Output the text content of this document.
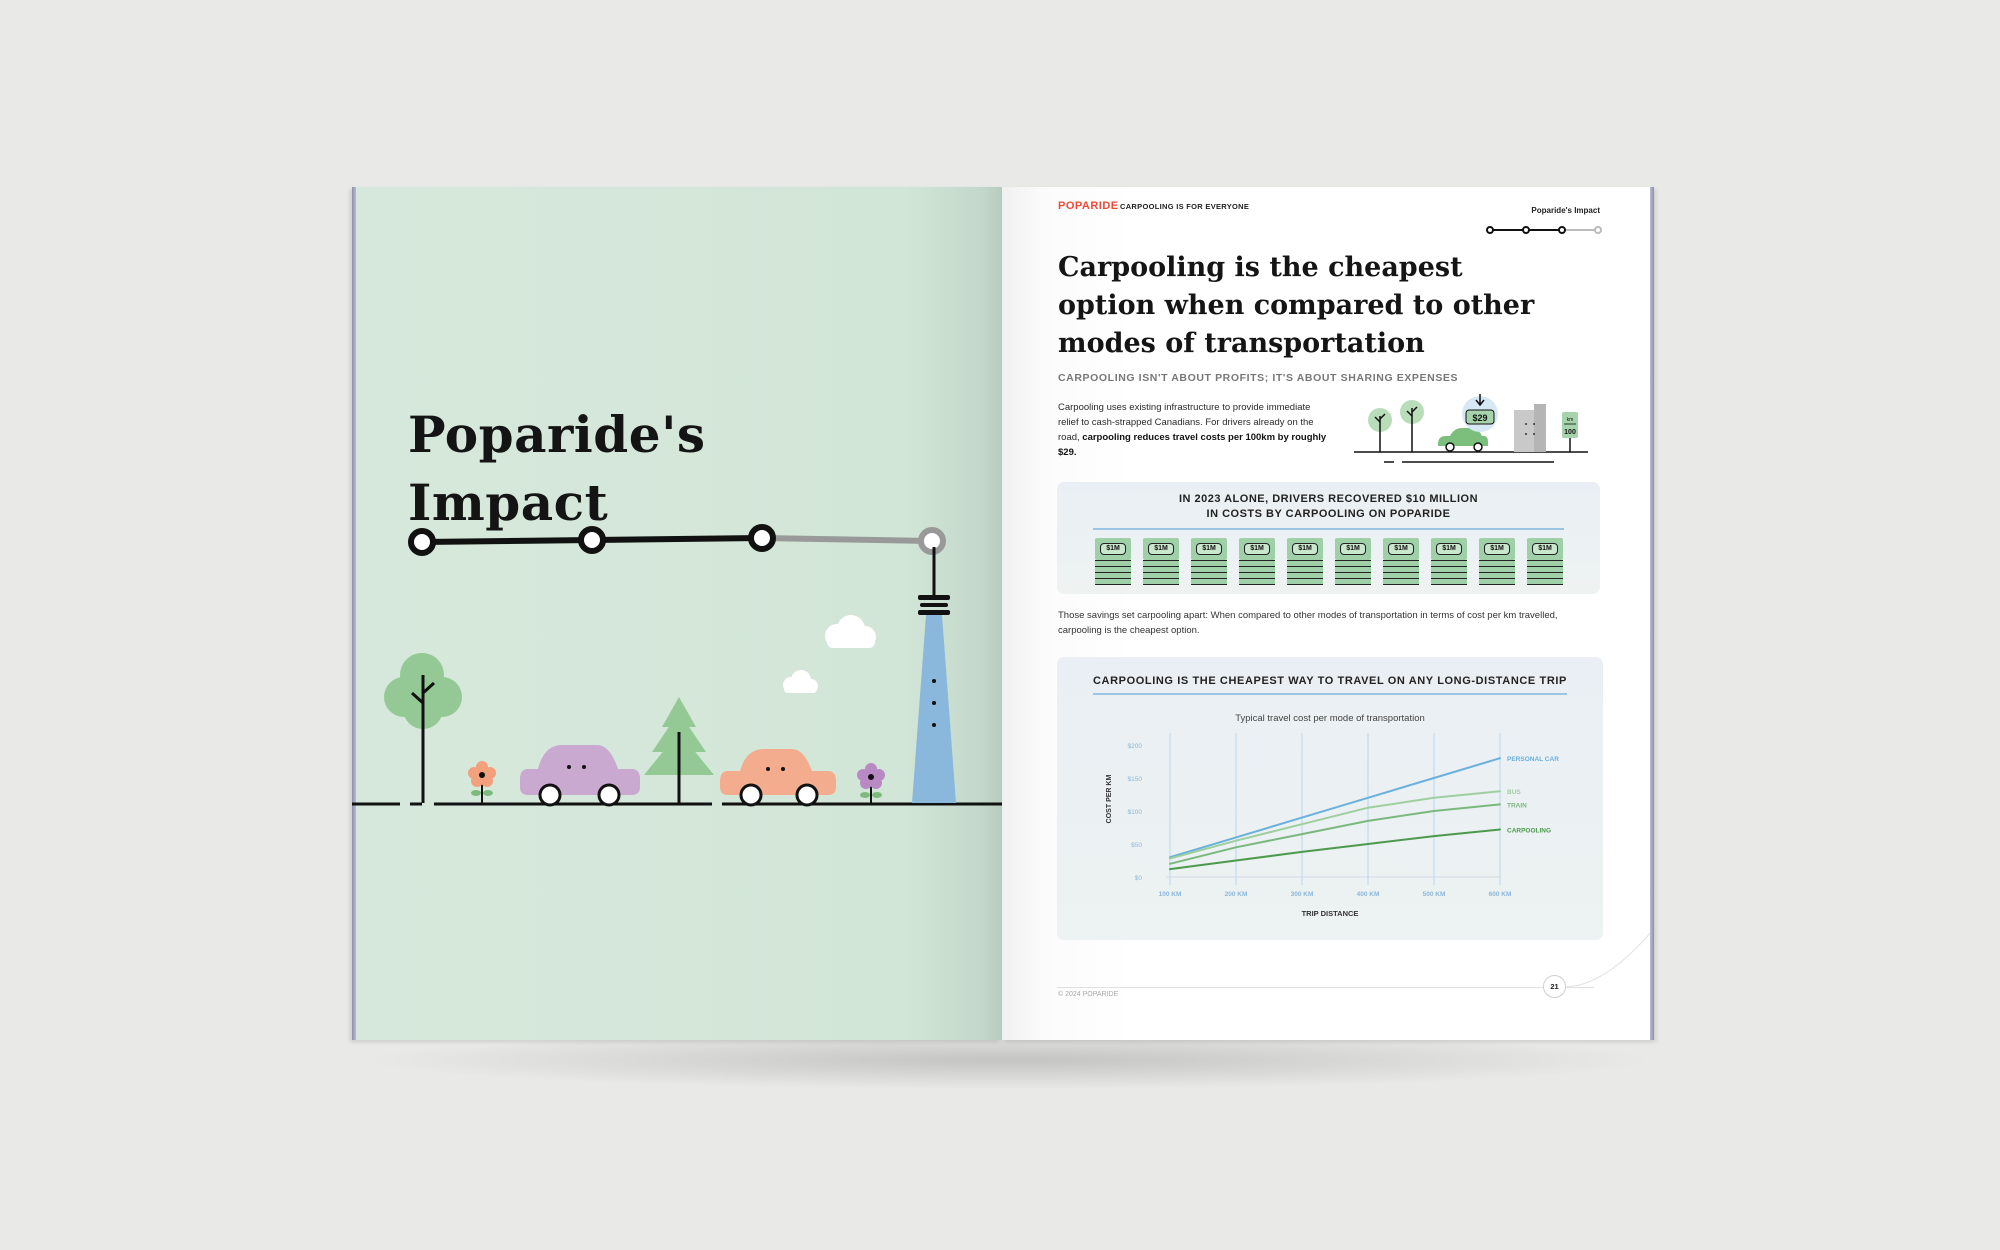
Poparide's
Impact
POPARIDE CARPOOLING IS FOR EVERYONE	Poparide's Impact
Carpooling is the cheapest option when compared to other modes of transportation
CARPOOLING ISN'T ABOUT PROFITS; IT'S ABOUT SHARING EXPENSES

Carpooling uses existing infrastructure to provide immediate relief to cash-strapped Canadians. For drivers already on the road, carpooling reduces travel costs per 100km by roughly $29.

$29	km
100
IN 2023 ALONE, DRIVERS RECOVERED $10 MILLION
IN COSTS BY CARPOOLING ON POPARIDE
$1M	$1M	$1M	$1M	$1M	$1M	$1M	$1M	$1M	$1M

Those savings set carpooling apart: When compared to other modes of transportation in terms of cost per km travelled, carpooling is the cheapest option.

CARPOOLING IS THE CHEAPEST WAY TO TRAVEL ON ANY LONG-DISTANCE TRIP
Typical travel cost per mode of transportation
COST PER KM
TRIP DISTANCE
100 KM	200 KM	300 KM	400 KM	500 KM	600 KM
$0
$50
$100
$150
$200
PERSONAL CAR
BUS
TRAIN
CARPOOLING
© 2024 POPARIDE
21
